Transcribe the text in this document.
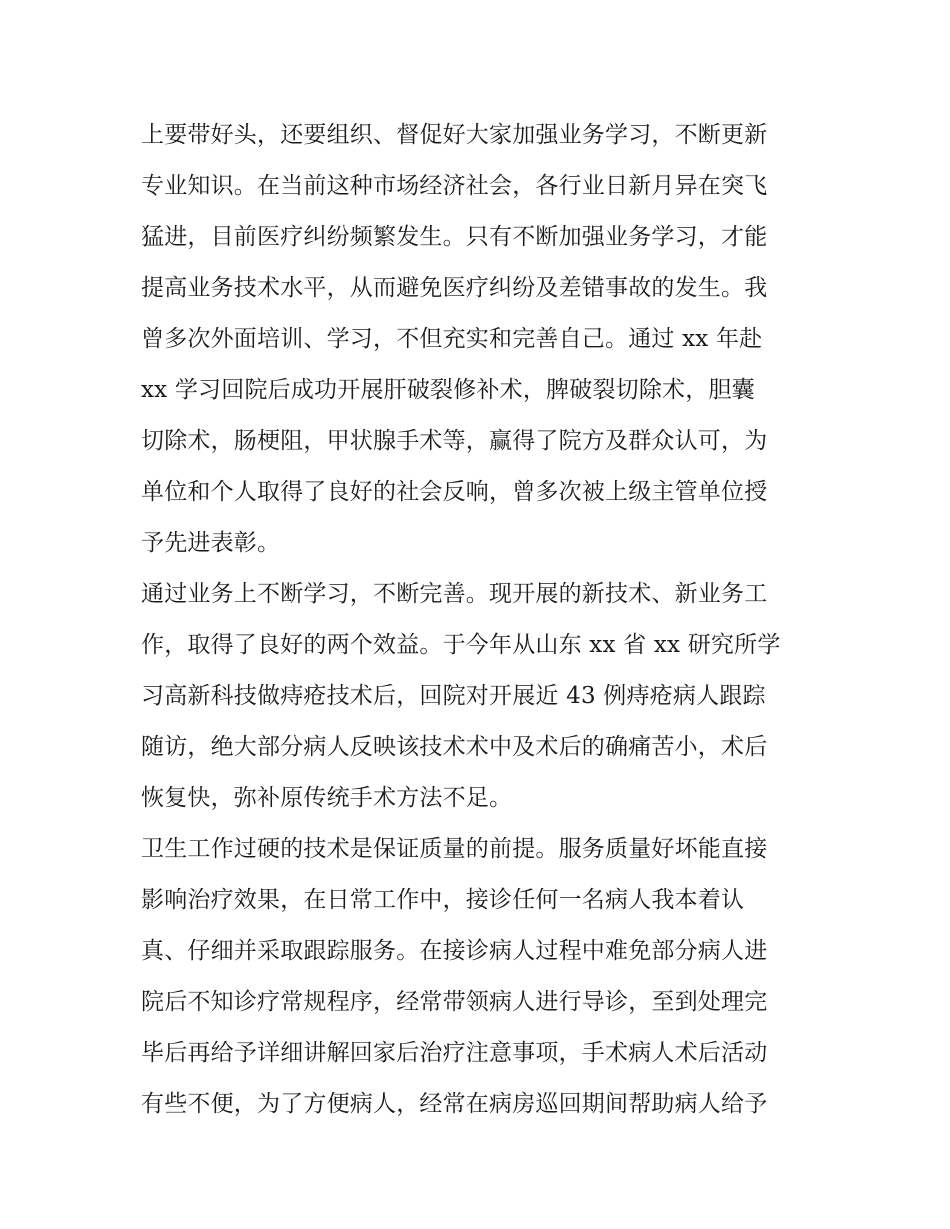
上要带好头，还要组织、督促好大家加强业务学习，不断更新
专业知识。在当前这种市场经济社会，各行业日新月异在突飞
猛进，目前医疗纠纷频繁发生。只有不断加强业务学习，才能
提高业务技术水平，从而避免医疗纠纷及差错事故的发生。我
曾多次外面培训、学习，不但充实和完善自己。通过 xx 年赴
xx 学习回院后成功开展肝破裂修补术，脾破裂切除术，胆囊
切除术，肠梗阻，甲状腺手术等，赢得了院方及群众认可，为
单位和个人取得了良好的社会反响，曾多次被上级主管单位授
予先进表彰。
通过业务上不断学习，不断完善。现开展的新技术、新业务工
作，取得了良好的两个效益。于今年从山东 xx 省 xx 研究所学
习高新科技做痔疮技术后，回院对开展近 43 例痔疮病人跟踪
随访，绝大部分病人反映该技术术中及术后的确痛苦小，术后
恢复快，弥补原传统手术方法不足。
卫生工作过硬的技术是保证质量的前提。服务质量好坏能直接
影响治疗效果，在日常工作中，接诊任何一名病人我本着认
真、仔细并采取跟踪服务。在接诊病人过程中难免部分病人进
院后不知诊疗常规程序，经常带领病人进行导诊，至到处理完
毕后再给予详细讲解回家后治疗注意事项，手术病人术后活动
有些不便，为了方便病人，经常在病房巡回期间帮助病人给予
